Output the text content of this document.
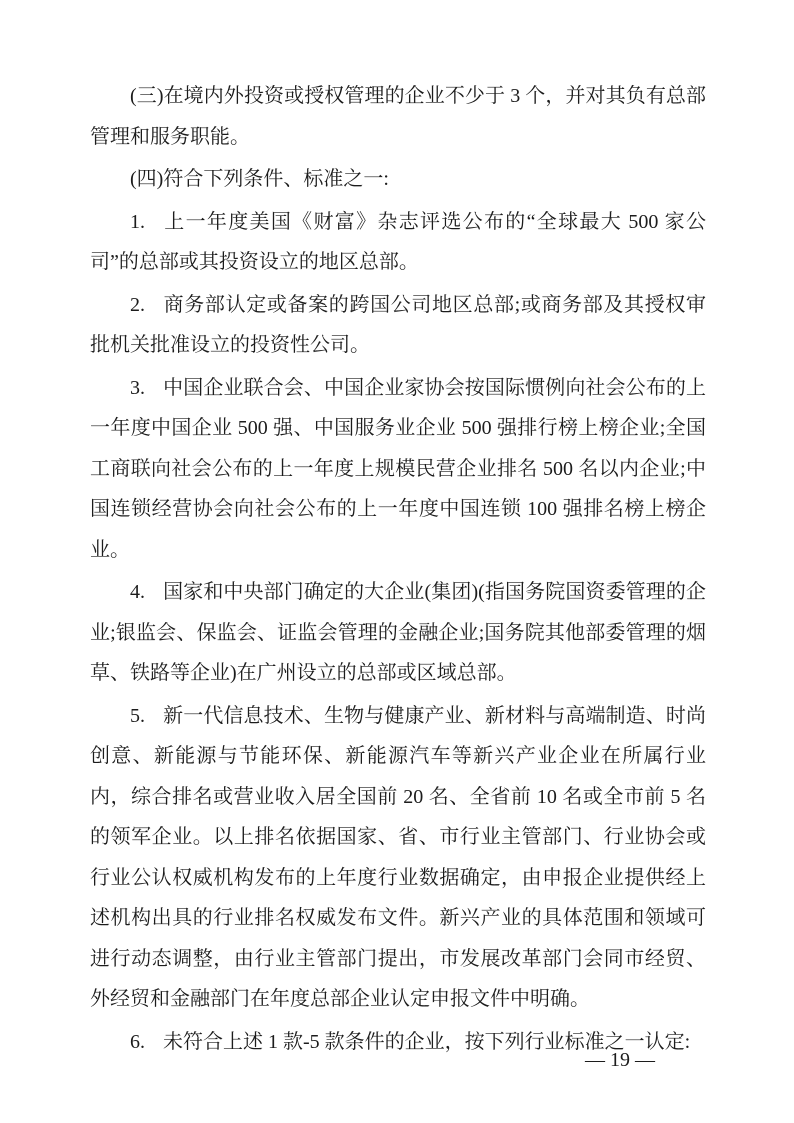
(三)在境内外投资或授权管理的企业不少于 3 个，并对其负有总部管理和服务职能。

(四)符合下列条件、标准之一:

1. 上一年度美国《财富》杂志评选公布的“全球最大 500 家公司”的总部或其投资设立的地区总部。

2. 商务部认定或备案的跨国公司地区总部;或商务部及其授权审批机关批准设立的投资性公司。

3. 中国企业联合会、中国企业家协会按国际惯例向社会公布的上一年度中国企业 500 强、中国服务业企业 500 强排行榜上榜企业;全国工商联向社会公布的上一年度上规模民营企业排名 500 名以内企业;中国连锁经营协会向社会公布的上一年度中国连锁 100 强排名榜上榜企业。

4. 国家和中央部门确定的大企业(集团)(指国务院国资委管理的企业;银监会、保监会、证监会管理的金融企业;国务院其他部委管理的烟草、铁路等企业)在广州设立的总部或区域总部。

5. 新一代信息技术、生物与健康产业、新材料与高端制造、时尚创意、新能源与节能环保、新能源汽车等新兴产业企业在所属行业内，综合排名或营业收入居全国前 20 名、全省前 10 名或全市前 5 名的领军企业。以上排名依据国家、省、市行业主管部门、行业协会或行业公认权威机构发布的上年度行业数据确定，由申报企业提供经上述机构出具的行业排名权威发布文件。新兴产业的具体范围和领域可进行动态调整，由行业主管部门提出，市发展改革部门会同市经贸、外经贸和金融部门在年度总部企业认定申报文件中明确。

6. 未符合上述 1 款-5 款条件的企业，按下列行业标准之一认定:

— 19 —
